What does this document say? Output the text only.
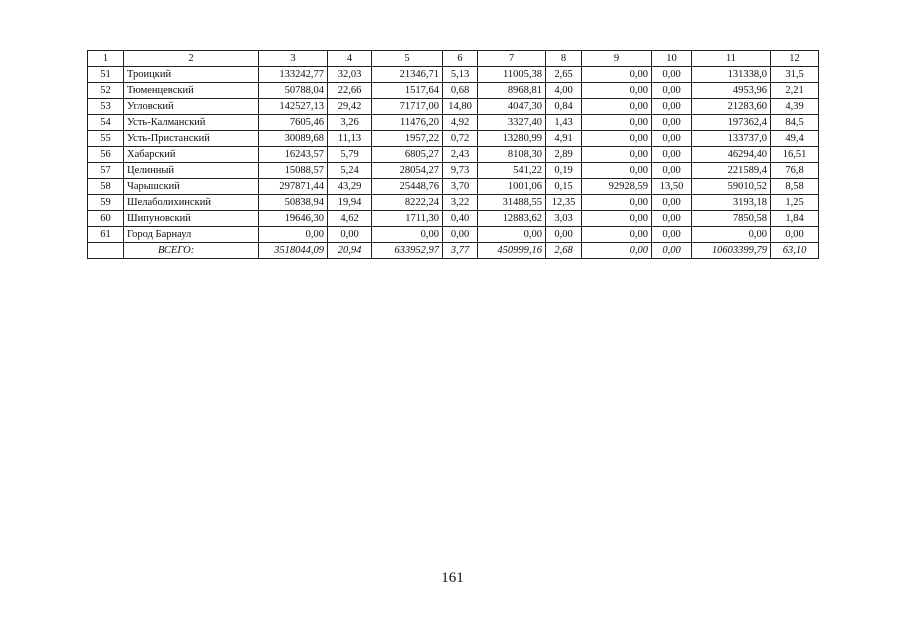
1	2	3	4	5	6	7	8	9	10	11	12
51	Троицкий	133242,77	32,03	21346,71	5,13	11005,38	2,65	0,00	0,00	131338,0	31,5
52	Тюменцевский	50788,04	22,66	1517,64	0,68	8968,81	4,00	0,00	0,00	4953,96	2,21
53	Угловский	142527,13	29,42	71717,00	14,80	4047,30	0,84	0,00	0,00	21283,60	4,39
54	Усть-Калманский	7605,46	3,26	11476,20	4,92	3327,40	1,43	0,00	0,00	197362,4	84,5
55	Усть-Пристанский	30089,68	11,13	1957,22	0,72	13280,99	4,91	0,00	0,00	133737,0	49,4
56	Хабарский	16243,57	5,79	6805,27	2,43	8108,30	2,89	0,00	0,00	46294,40	16,51
57	Целинный	15088,57	5,24	28054,27	9,73	541,22	0,19	0,00	0,00	221589,4	76,8
58	Чарышский	297871,44	43,29	25448,76	3,70	1001,06	0,15	92928,59	13,50	59010,52	8,58
59	Шелаболихинский	50838,94	19,94	8222,24	3,22	31488,55	12,35	0,00	0,00	3193,18	1,25
60	Шипуновский	19646,30	4,62	1711,30	0,40	12883,62	3,03	0,00	0,00	7850,58	1,84
61	Город Барнаул	0,00	0,00	0,00	0,00	0,00	0,00	0,00	0,00	0,00	0,00
	ВСЕГО:	3518044,09	20,94	633952,97	3,77	450999,16	2,68	0,00	0,00	10603399,79	63,10
161
